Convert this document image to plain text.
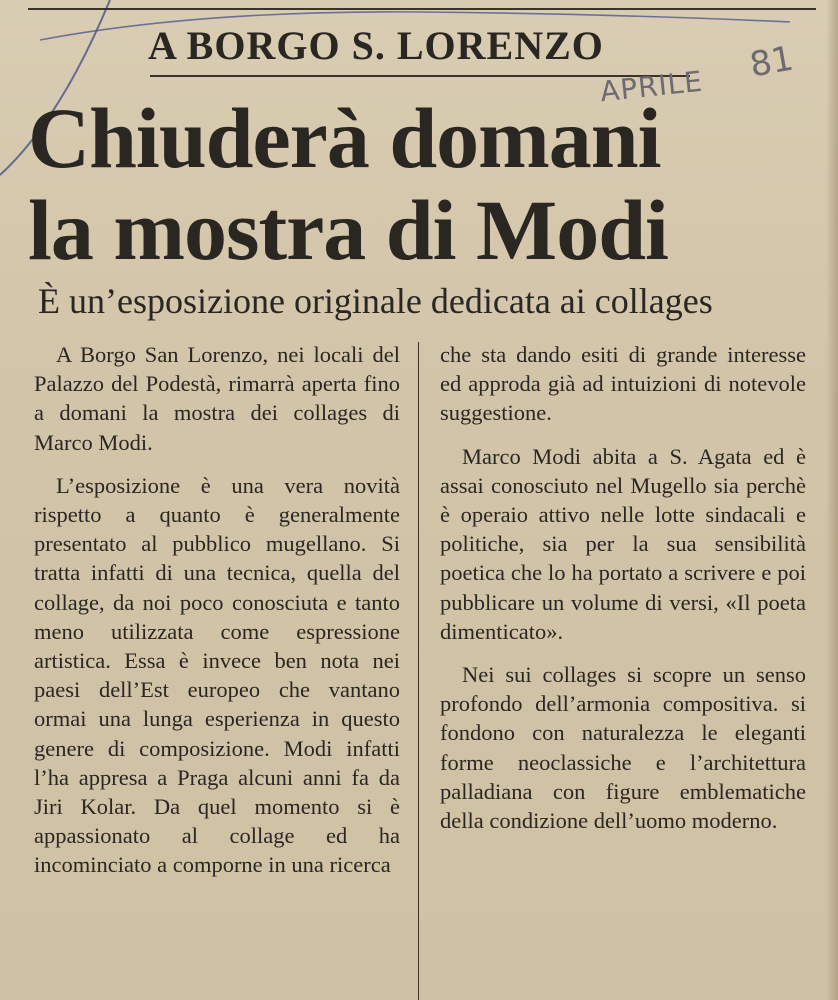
A BORGO S. LORENZO
APRILE
81
Chiuderà domani
la mostra di Modi
È un’esposizione originale dedicata ai collages

A Borgo San Lorenzo, nei locali del Palazzo del Podestà, rimarrà aperta fino a domani la mostra dei collages di Marco Modi.

L’esposizione è una vera novità rispetto a quanto è generalmente presentato al pubblico mugellano. Si tratta infatti di una tecnica, quella del collage, da noi poco conosciuta e tanto meno utilizzata come espressione artistica. Essa è invece ben nota nei paesi dell’Est europeo che vantano ormai una lunga esperienza in questo genere di composizione. Modi infatti l’ha appresa a Praga alcuni anni fa da Jiri Kolar. Da quel momento si è appassionato al collage ed ha incominciato a comporne in una ricerca

che sta dando esiti di grande interesse ed approda già ad intuizioni di notevole suggestione.

Marco Modi abita a S. Agata ed è assai conosciuto nel Mugello sia perchè è operaio attivo nelle lotte sindacali e politiche, sia per la sua sensibilità poetica che lo ha portato a scrivere e poi pubblicare un volume di versi, «Il poeta dimenticato».

Nei sui collages si scopre un senso profondo dell’armonia compositiva. si fondono con naturalezza le eleganti forme neoclassiche e l’architettura palladiana con figure emblematiche della condizione dell’uomo moderno.
